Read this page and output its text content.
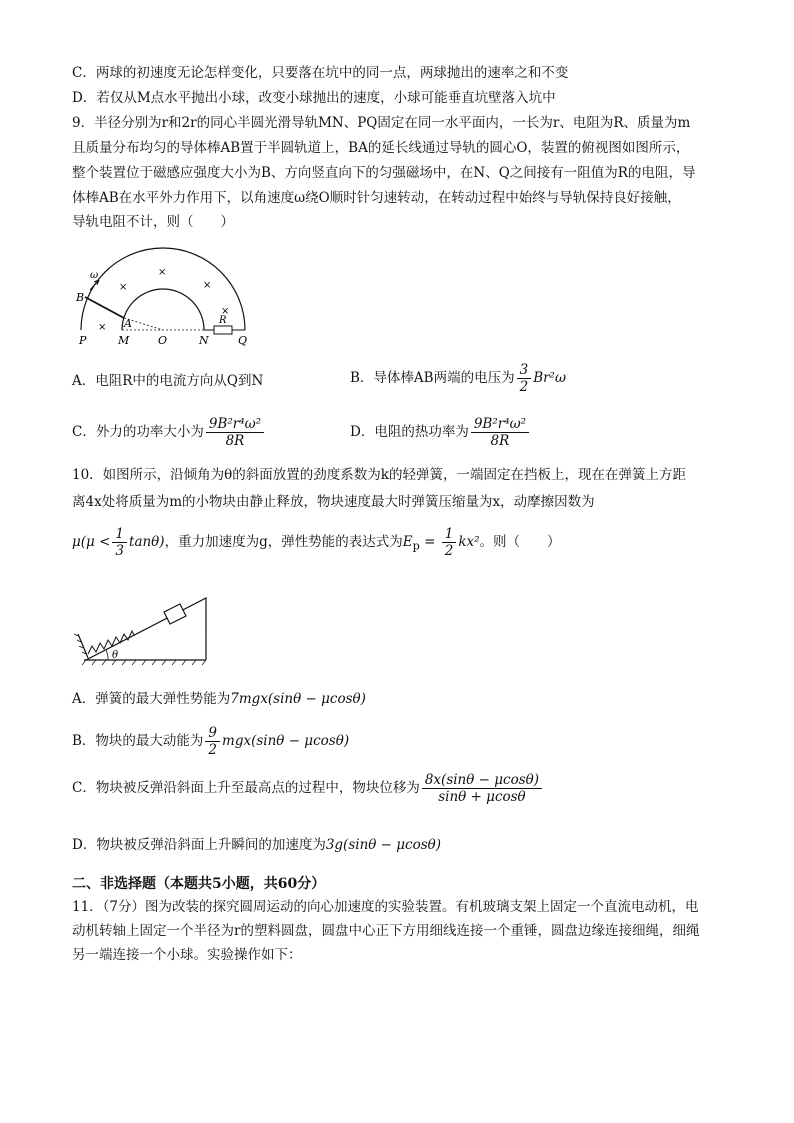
C．两球的初速度无论怎样变化，只要落在坑中的同一点，两球抛出的速率之和不变
D．若仅从M点水平抛出小球，改变小球抛出的速度，小球可能垂直坑壁落入坑中
9．半径分别为r和2r的同心半圆光滑导轨MN、PQ固定在同一水平面内，一长为r、电阻为R、质量为m
且质量分布均匀的导体棒AB置于半圆轨道上，BA的延长线通过导轨的圆心O，装置的俯视图如图所示，
整个装置位于磁感应强度大小为B、方向竖直向下的匀强磁场中，在N、Q之间接有一阻值为R的电阻，导
体棒AB在水平外力作用下，以角速度ω绕O顺时针匀速转动，在转动过程中始终与导轨保持良好接触，
导轨电阻不计，则（　　）
×
×	×
×
×
ω
B
A	R
P	M	O	N	Q
A．电阻R中的电流方向从Q到N	B．导体棒AB两端的电压为 $\frac{3}{2} Br^2\omega$
C．外力的功率大小为 $\frac{\text{9B²r⁴ω²}}{8R}$	D．电阻的热功率为 $\frac{\text{9B²r⁴ω²}}{8R}$
10．如图所示，沿倾角为θ的斜面放置的劲度系数为k的轻弹簧，一端固定在挡板上，现在在弹簧上方距
离4x处将质量为m的小物块由静止释放，物块速度最大时弹簧压缩量为x，动摩擦因数为
$\mu(\mu < \frac{1}{3} \tan\theta)$，重力加速度为g，弹性势能的表达式为$E_p = \frac{1}{2} kx^2$。则（　　）
θ
A．弹簧的最大弹性势能为7mgx(sinθ − μcosθ)
B．物块的最大动能为 $\frac{9}{2} mgx(\sin\theta - \mu\cos\theta)$
C．物块被反弹沿斜面上升至最高点的过程中，物块位移为 $\frac{8x(\sin\theta - \mu\cos\theta)}{\sin\theta + \mu\cos\theta}$
D．物块被反弹沿斜面上升瞬间的加速度为3g(sinθ − μcosθ)
二、非选择题（本题共5小题，共60分）
11．（7分）图为改装的探究圆周运动的向心加速度的实验装置。有机玻璃支架上固定一个直流电动机，电
动机转轴上固定一个半径为r的塑料圆盘，圆盘中心正下方用细线连接一个重锤，圆盘边缘连接细绳，细绳
另一端连接一个小球。实验操作如下：
